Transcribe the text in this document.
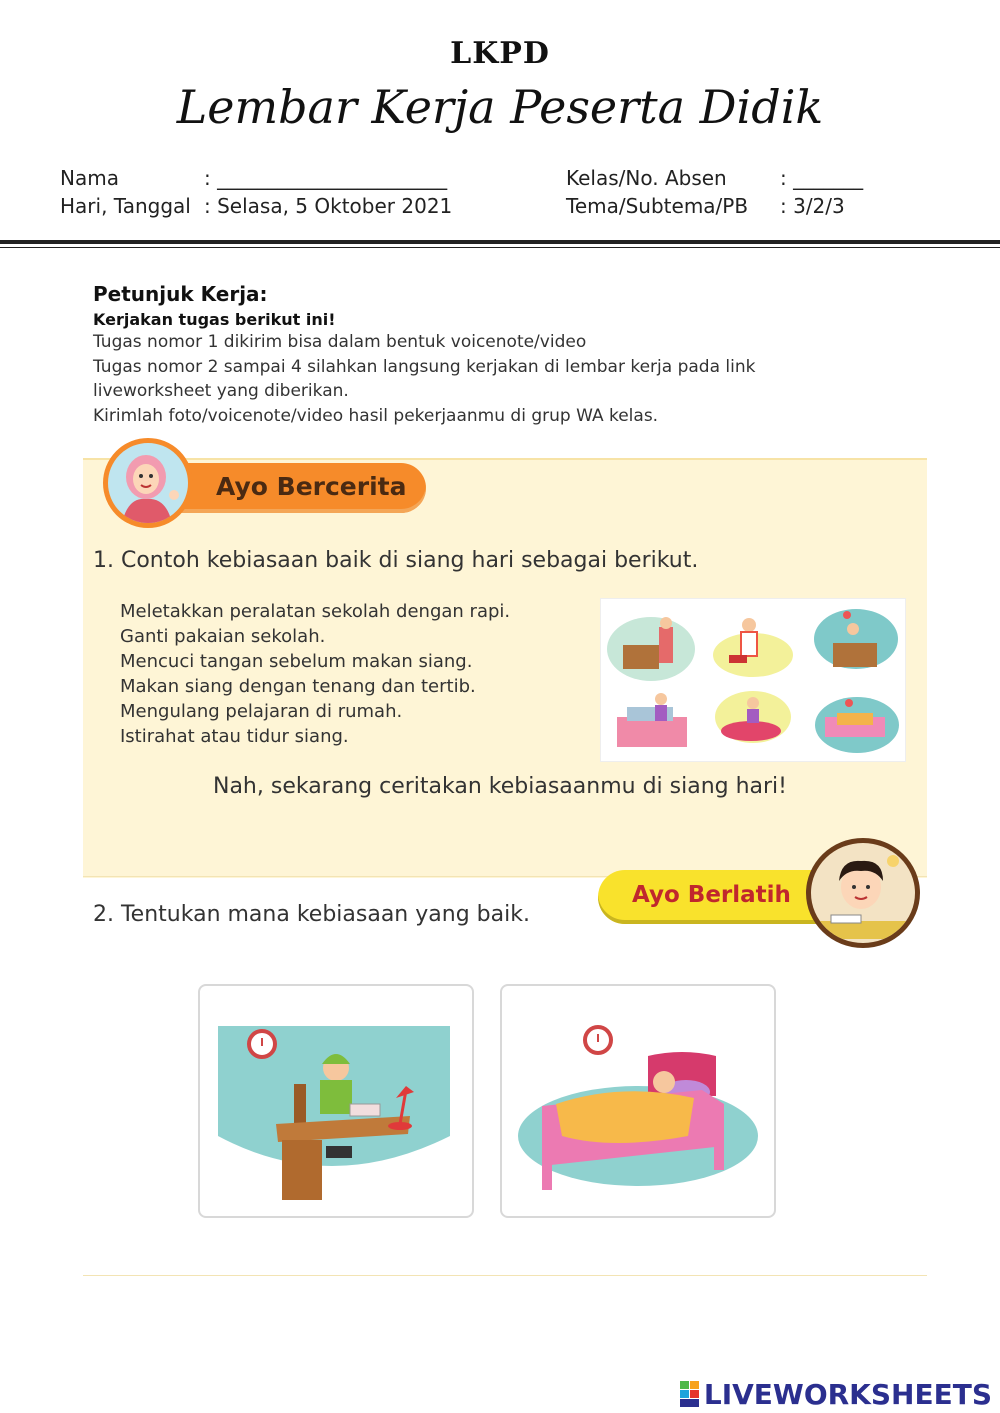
LKPD
Lembar Kerja Peserta Didik
Nama	: _______________________
Hari, Tanggal : Selasa, 5 Oktober 2021
Kelas/No. Absen	: _______
Tema/Subtema/PB : 3/2/3
Petunjuk Kerja:
Kerjakan tugas berikut ini!
Tugas nomor 1 dikirim bisa dalam bentuk voicenote/video
Tugas nomor 2 sampai 4 silahkan langsung kerjakan di lembar kerja pada link
liveworksheet yang diberikan.
Kirimlah foto/voicenote/video hasil pekerjaanmu di grup WA kelas.
Ayo Bercerita
1. Contoh kebiasaan baik di siang hari sebagai berikut.
Meletakkan peralatan sekolah dengan rapi.
Ganti pakaian sekolah.
Mencuci tangan sebelum makan siang.
Makan siang dengan tenang dan tertib.
Mengulang pelajaran di rumah.
Istirahat atau tidur siang.
Nah, sekarang ceritakan kebiasaanmu di siang hari!
Ayo Berlatih
2. Tentukan mana kebiasaan yang baik.
LIVEWORKSHEETS
